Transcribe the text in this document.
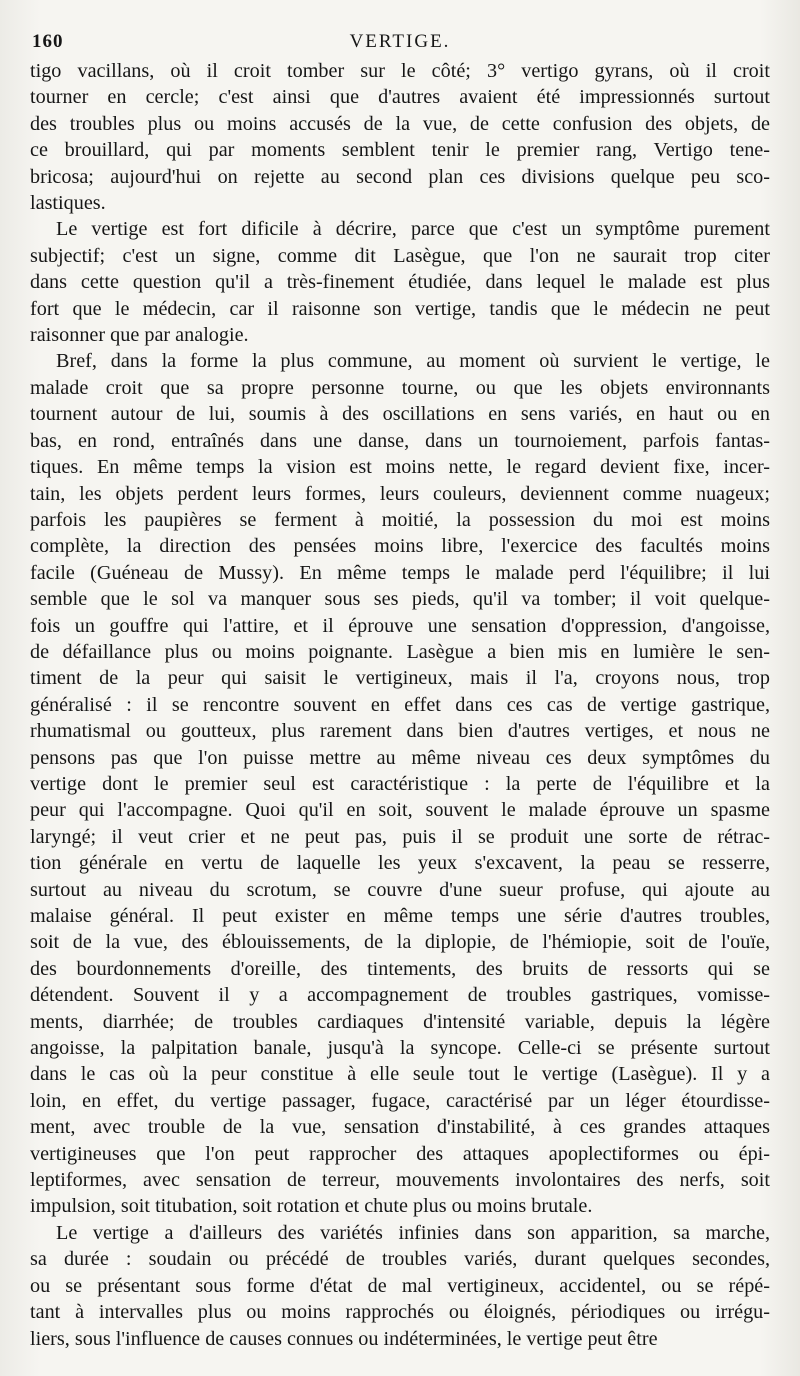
160	VERTIGE.
tigo vacillans, où il croit tomber sur le côté; 3° vertigo gyrans, où il croit
tourner en cercle; c'est ainsi que d'autres avaient été impressionnés surtout
des troubles plus ou moins accusés de la vue, de cette confusion des objets, de
ce brouillard, qui par moments semblent tenir le premier rang, Vertigo tene-
bricosa; aujourd'hui on rejette au second plan ces divisions quelque peu sco-
lastiques.
Le vertige est fort dificile à décrire, parce que c'est un symptôme purement
subjectif; c'est un signe, comme dit Lasègue, que l'on ne saurait trop citer
dans cette question qu'il a très-finement étudiée, dans lequel le malade est plus
fort que le médecin, car il raisonne son vertige, tandis que le médecin ne peut
raisonner que par analogie.
Bref, dans la forme la plus commune, au moment où survient le vertige, le
malade croit que sa propre personne tourne, ou que les objets environnants
tournent autour de lui, soumis à des oscillations en sens variés, en haut ou en
bas, en rond, entraînés dans une danse, dans un tournoiement, parfois fantas-
tiques. En même temps la vision est moins nette, le regard devient fixe, incer-
tain, les objets perdent leurs formes, leurs couleurs, deviennent comme nuageux;
parfois les paupières se ferment à moitié, la possession du moi est moins
complète, la direction des pensées moins libre, l'exercice des facultés moins
facile (Guéneau de Mussy). En même temps le malade perd l'équilibre; il lui
semble que le sol va manquer sous ses pieds, qu'il va tomber; il voit quelque-
fois un gouffre qui l'attire, et il éprouve une sensation d'oppression, d'angoisse,
de défaillance plus ou moins poignante. Lasègue a bien mis en lumière le sen-
timent de la peur qui saisit le vertigineux, mais il l'a, croyons nous, trop
généralisé : il se rencontre souvent en effet dans ces cas de vertige gastrique,
rhumatismal ou goutteux, plus rarement dans bien d'autres vertiges, et nous ne
pensons pas que l'on puisse mettre au même niveau ces deux symptômes du
vertige dont le premier seul est caractéristique : la perte de l'équilibre et la
peur qui l'accompagne. Quoi qu'il en soit, souvent le malade éprouve un spasme
laryngé; il veut crier et ne peut pas, puis il se produit une sorte de rétrac-
tion générale en vertu de laquelle les yeux s'excavent, la peau se resserre,
surtout au niveau du scrotum, se couvre d'une sueur profuse, qui ajoute au
malaise général. Il peut exister en même temps une série d'autres troubles,
soit de la vue, des éblouissements, de la diplopie, de l'hémiopie, soit de l'ouïe,
des bourdonnements d'oreille, des tintements, des bruits de ressorts qui se
détendent. Souvent il y a accompagnement de troubles gastriques, vomisse-
ments, diarrhée; de troubles cardiaques d'intensité variable, depuis la légère
angoisse, la palpitation banale, jusqu'à la syncope. Celle-ci se présente surtout
dans le cas où la peur constitue à elle seule tout le vertige (Lasègue). Il y a
loin, en effet, du vertige passager, fugace, caractérisé par un léger étourdisse-
ment, avec trouble de la vue, sensation d'instabilité, à ces grandes attaques
vertigineuses que l'on peut rapprocher des attaques apoplectiformes ou épi-
leptiformes, avec sensation de terreur, mouvements involontaires des nerfs, soit
impulsion, soit titubation, soit rotation et chute plus ou moins brutale.
Le vertige a d'ailleurs des variétés infinies dans son apparition, sa marche,
sa durée : soudain ou précédé de troubles variés, durant quelques secondes,
ou se présentant sous forme d'état de mal vertigineux, accidentel, ou se répé-
tant à intervalles plus ou moins rapprochés ou éloignés, périodiques ou irrégu-
liers, sous l'influence de causes connues ou indéterminées, le vertige peut être
